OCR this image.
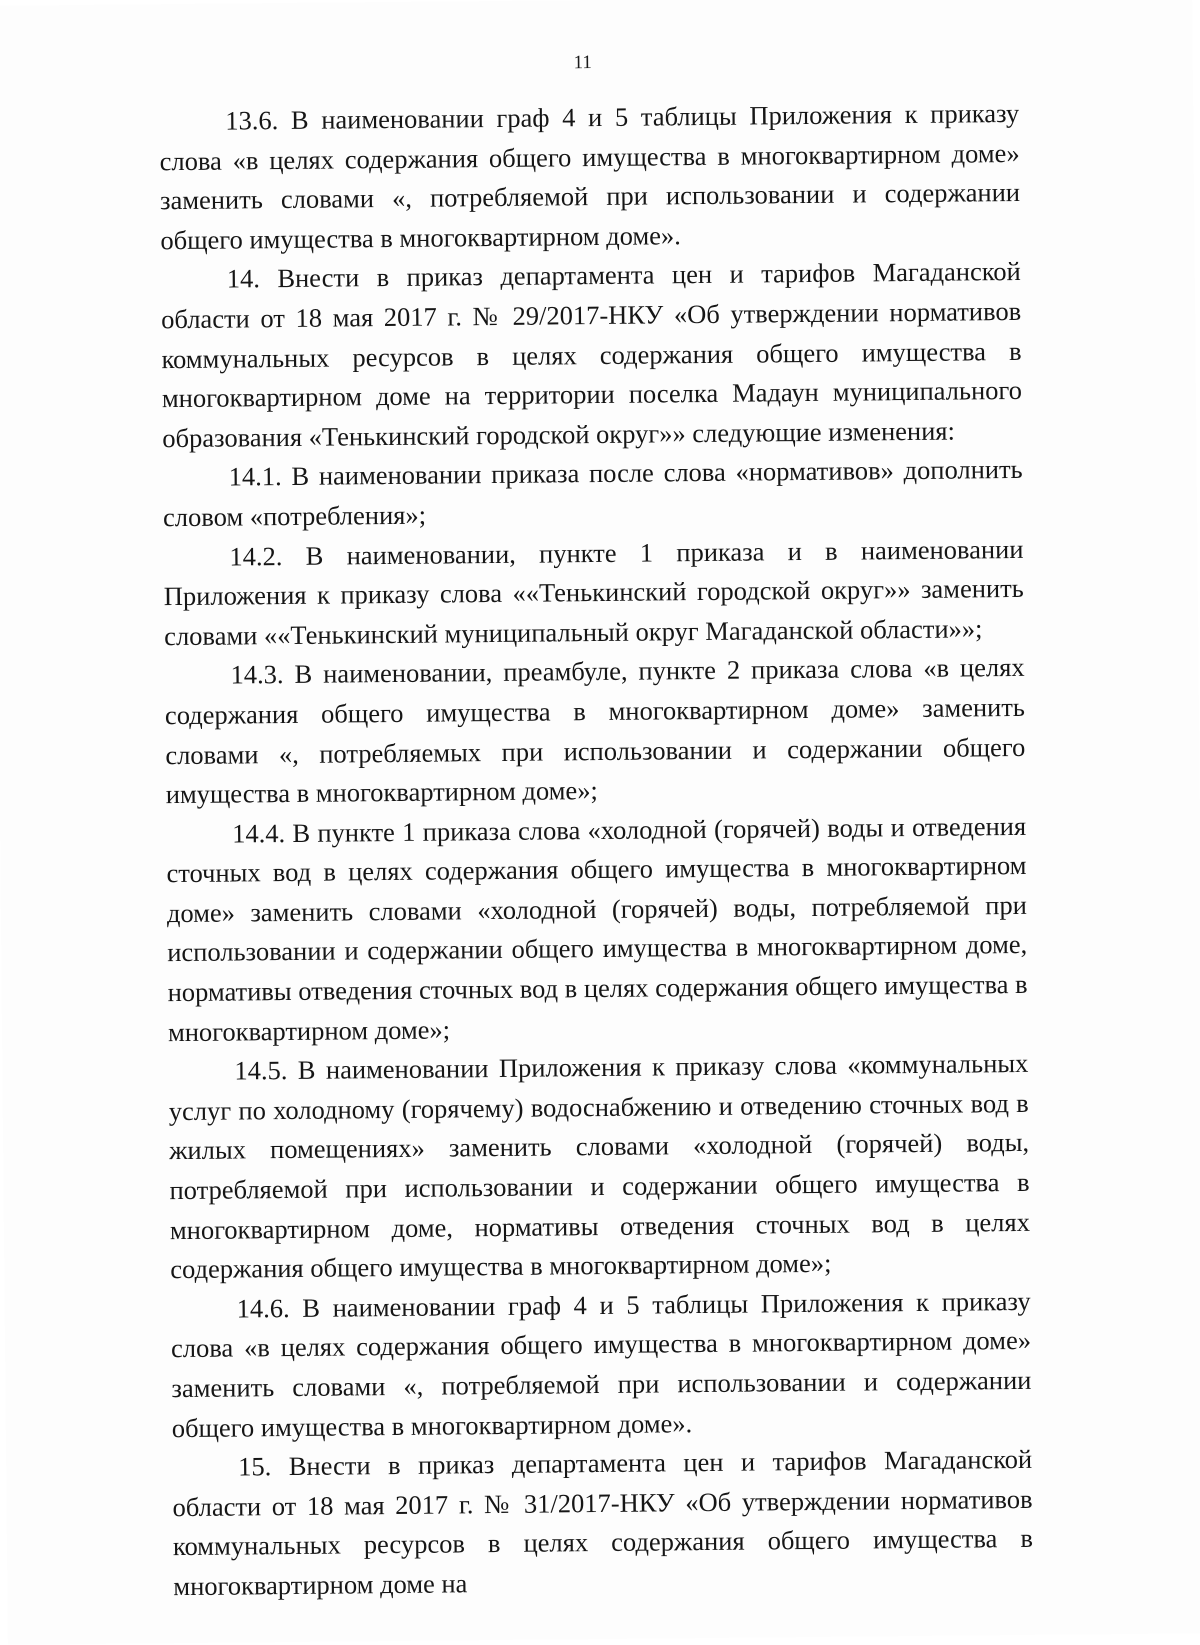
11

13.6. В наименовании граф 4 и 5 таблицы Приложения к приказу слова «в целях содержания общего имущества в многоквартирном доме» заменить словами «, потребляемой при использовании и содержании общего имущества в многоквартирном доме».

14. Внести в приказ департамента цен и тарифов Магаданской области от 18 мая 2017 г. № 29/2017-НКУ «Об утверждении нормативов коммунальных ресурсов в целях содержания общего имущества в многоквартирном доме на территории поселка Мадаун муниципального образования «Тенькинский городской округ»» следующие изменения:

14.1. В наименовании приказа после слова «нормативов» дополнить словом «потребления»;

14.2. В наименовании, пункте 1 приказа и в наименовании Приложения к приказу слова ««Тенькинский городской округ»» заменить словами ««Тенькинский муниципальный округ Магаданской области»»;

14.3. В наименовании, преамбуле, пункте 2 приказа слова «в целях содержания общего имущества в многоквартирном доме» заменить словами «, потребляемых при использовании и содержании общего имущества в многоквартирном доме»;

14.4. В пункте 1 приказа слова «холодной (горячей) воды и отведения сточных вод в целях содержания общего имущества в многоквартирном доме» заменить словами «холодной (горячей) воды, потребляемой при использовании и содержании общего имущества в многоквартирном доме, нормативы отведения сточных вод в целях содержания общего имущества в многоквартирном доме»;

14.5. В наименовании Приложения к приказу слова «коммунальных услуг по холодному (горячему) водоснабжению и отведению сточных вод в жилых помещениях» заменить словами «холодной (горячей) воды, потребляемой при использовании и содержании общего имущества в многоквартирном доме, нормативы отведения сточных вод в целях содержания общего имущества в многоквартирном доме»;

14.6. В наименовании граф 4 и 5 таблицы Приложения к приказу слова «в целях содержания общего имущества в многоквартирном доме» заменить словами «, потребляемой при использовании и содержании общего имущества в многоквартирном доме».

15. Внести в приказ департамента цен и тарифов Магаданской области от 18 мая 2017 г. № 31/2017-НКУ «Об утверждении нормативов коммунальных ресурсов в целях содержания общего имущества в многоквартирном доме на
